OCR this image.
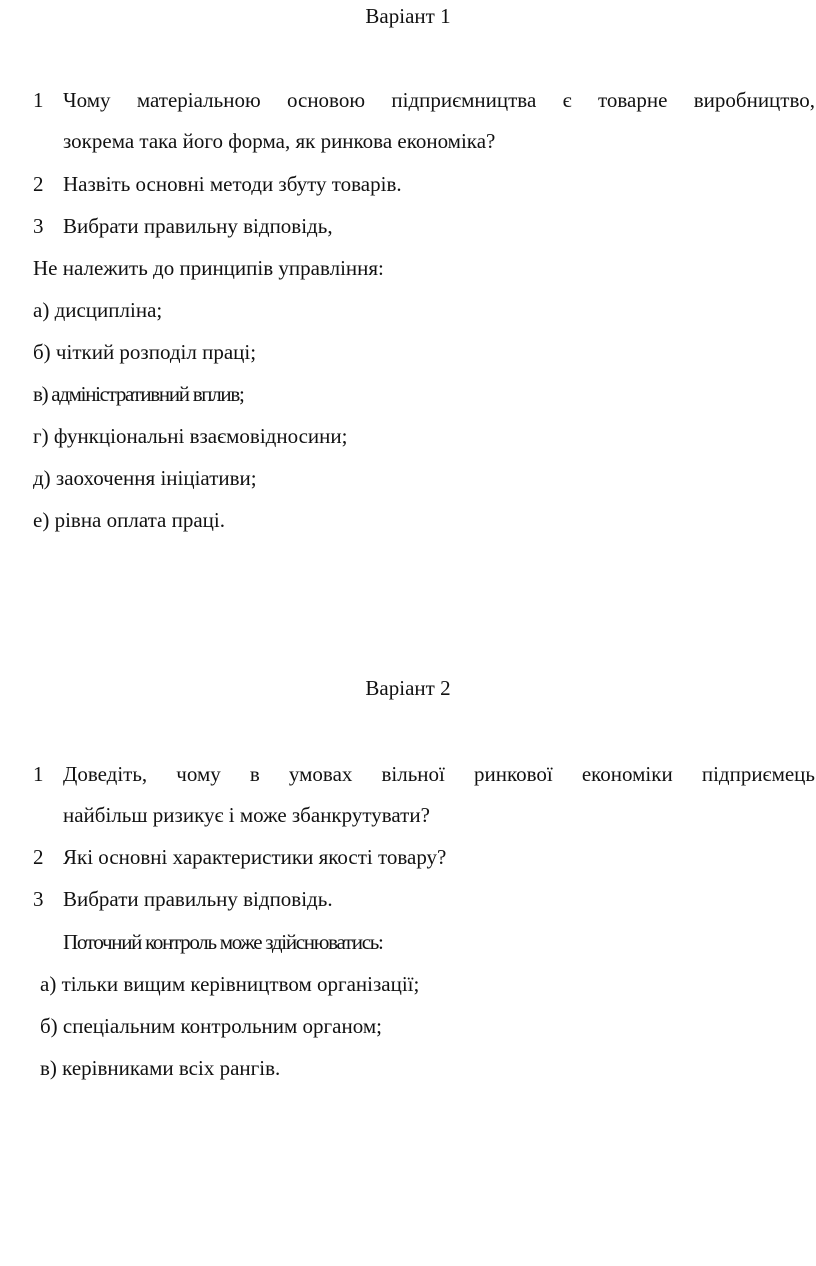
Варіант 1
1 Чому матеріальною основою підприємництва є товарне виробництво,
зокрема така його форма, як ринкова економіка?
2 Назвіть основні методи збуту товарів.
3 Вибрати правильну відповідь,
Не належить до принципів управління:
а) дисципліна;
б) чіткий розподіл праці;
в) адміністративний вплив;
г) функціональні взаємовідносини;
д) заохочення ініціативи;
е) рівна оплата праці.
Варіант 2
1 Доведіть, чому в умовах вільної ринкової економіки підприємець
найбільш ризикує і може збанкрутувати?
2 Які основні характеристики якості товару?
3 Вибрати правильну відповідь.
Поточний контроль може здійснюватись:
а) тільки вищим керівництвом організації;
б) спеціальним контрольним органом;
в) керівниками всіх рангів.
